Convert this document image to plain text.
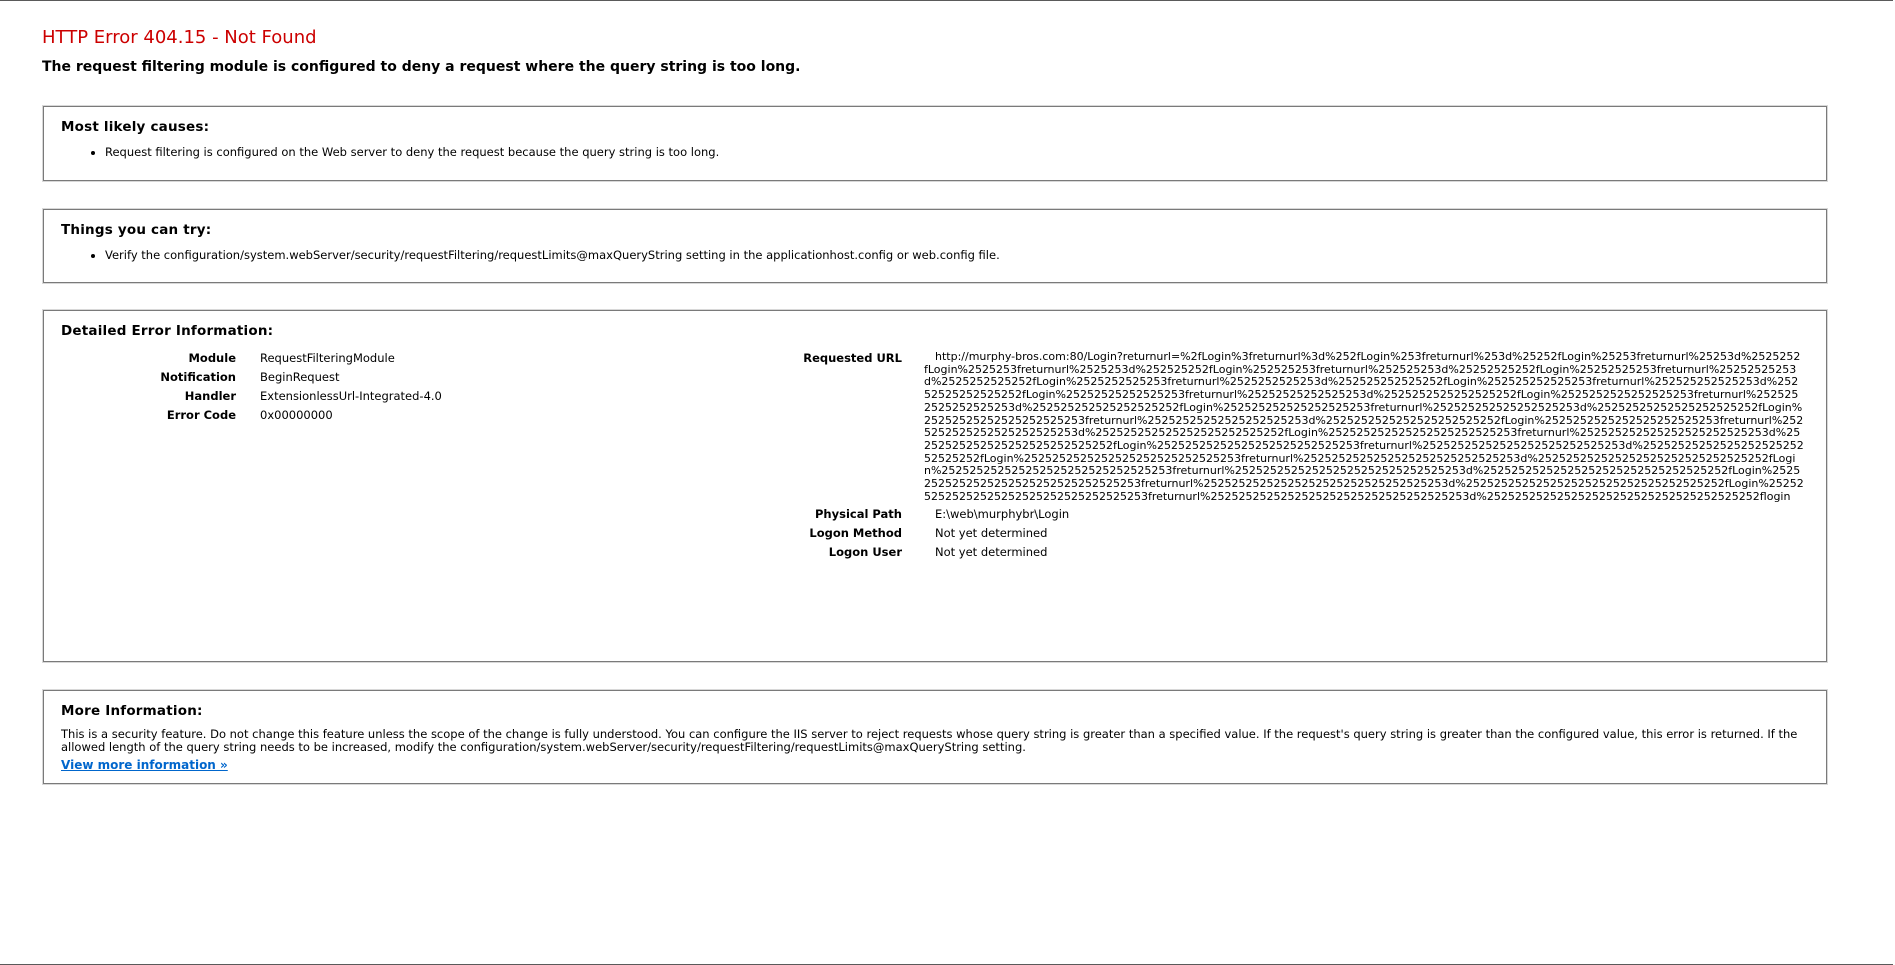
HTTP Error 404.15 - Not Found
The request filtering module is configured to deny a request where the query string is too long.
Most likely causes:
• Request filtering is configured on the Web server to deny the request because the query string is too long.
Things you can try:
• Verify the configuration/system.webServer/security/requestFiltering/requestLimits@maxQueryString setting in the applicationhost.config or web.config file.
Detailed Error Information:
Module	RequestFilteringModule
Notification	BeginRequest
Handler	ExtensionlessUrl-Integrated-4.0
Error Code	0x00000000
Requested URL	http://murphy-bros.com:80/Login?returnurl=%2fLogin%3freturnurl%3d%252fLogin%253freturnurl%253d%25252fLogin%25253freturnurl%25253d%2525252fLogin%2525253freturnurl%2525253d%252525252fLogin%252525253freturnurl%252525253d%25252525252fLogin%25252525253freturnurl%25252525253d%2525252525252fLogin%2525252525253freturnurl%2525252525253d%252525252525252fLogin%252525252525253freturnurl%252525252525253d%25252525252525252fLogin%25252525252525253freturnurl%25252525252525253d%2525252525252525252fLogin%2525252525252525253freturnurl%2525252525252525253d%252525252525252525252fLogin%252525252525252525253freturnurl%252525252525252525253d%25252525252525252525252fLogin%25252525252525252525253freturnurl%25252525252525252525253d%2525252525252525252525252fLogin%2525252525252525252525253freturnurl%2525252525252525252525253d%252525252525252525252525252fLogin%252525252525252525252525253freturnurl%252525252525252525252525253d%25252525252525252525252525252fLogin%25252525252525252525252525253freturnurl%25252525252525252525252525253d%2525252525252525252525252525252fLogin%2525252525252525252525252525253freturnurl%2525252525252525252525252525253d%252525252525252525252525252525252fLogin%252525252525252525252525252525253freturnurl%252525252525252525252525252525253d%25252525252525252525252525252525252fLogin%25252525252525252525252525252525253freturnurl%25252525252525252525252525252525253d%2525252525252525252525252525252525252fLogin%2525252525252525252525252525252525253freturnurl%2525252525252525252525252525252525253d%252525252525252525252525252525252525252flogin

Physical Path	E:\web\murphybr\Login
Logon Method	Not yet determined
Logon User	Not yet determined
More Information:

This is a security feature. Do not change this feature unless the scope of the change is fully understood. You can configure the IIS server to reject requests whose query string is greater than a specified value. If the request's query string is greater than the configured value, this error is returned. If the allowed length of the query string needs to be increased, modify the configuration/system.webServer/security/requestFiltering/requestLimits@maxQueryString setting.

View more information »
